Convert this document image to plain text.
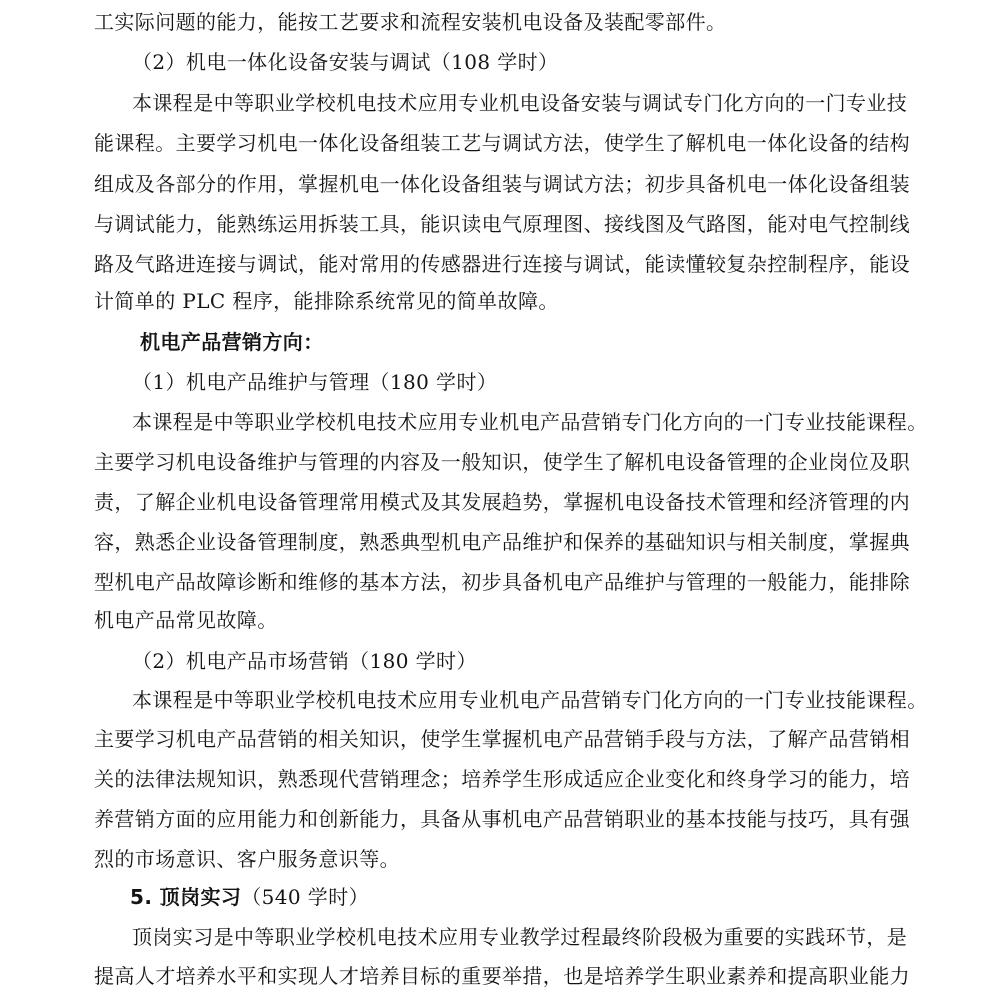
工实际问题的能力，能按工艺要求和流程安装机电设备及装配零部件。
（2）机电一体化设备安装与调试（108 学时）
本课程是中等职业学校机电技术应用专业机电设备安装与调试专门化方向的一门专业技
能课程。主要学习机电一体化设备组装工艺与调试方法，使学生了解机电一体化设备的结构
组成及各部分的作用，掌握机电一体化设备组装与调试方法；初步具备机电一体化设备组装
与调试能力，能熟练运用拆装工具，能识读电气原理图、接线图及气路图，能对电气控制线
路及气路进连接与调试，能对常用的传感器进行连接与调试，能读懂较复杂控制程序，能设
计简单的 PLC 程序，能排除系统常见的简单故障。
机电产品营销方向：
（1）机电产品维护与管理（180 学时）
本课程是中等职业学校机电技术应用专业机电产品营销专门化方向的一门专业技能课程。
主要学习机电设备维护与管理的内容及一般知识，使学生了解机电设备管理的企业岗位及职
责，了解企业机电设备管理常用模式及其发展趋势，掌握机电设备技术管理和经济管理的内
容，熟悉企业设备管理制度，熟悉典型机电产品维护和保养的基础知识与相关制度，掌握典
型机电产品故障诊断和维修的基本方法，初步具备机电产品维护与管理的一般能力，能排除
机电产品常见故障。
（2）机电产品市场营销（180 学时）
本课程是中等职业学校机电技术应用专业机电产品营销专门化方向的一门专业技能课程。
主要学习机电产品营销的相关知识，使学生掌握机电产品营销手段与方法，了解产品营销相
关的法律法规知识，熟悉现代营销理念；培养学生形成适应企业变化和终身学习的能力，培
养营销方面的应用能力和创新能力，具备从事机电产品营销职业的基本技能与技巧，具有强
烈的市场意识、客户服务意识等。
5. 顶岗实习（540 学时）
顶岗实习是中等职业学校机电技术应用专业教学过程最终阶段极为重要的实践环节，是
提高人才培养水平和实现人才培养目标的重要举措，也是培养学生职业素养和提高职业能力
